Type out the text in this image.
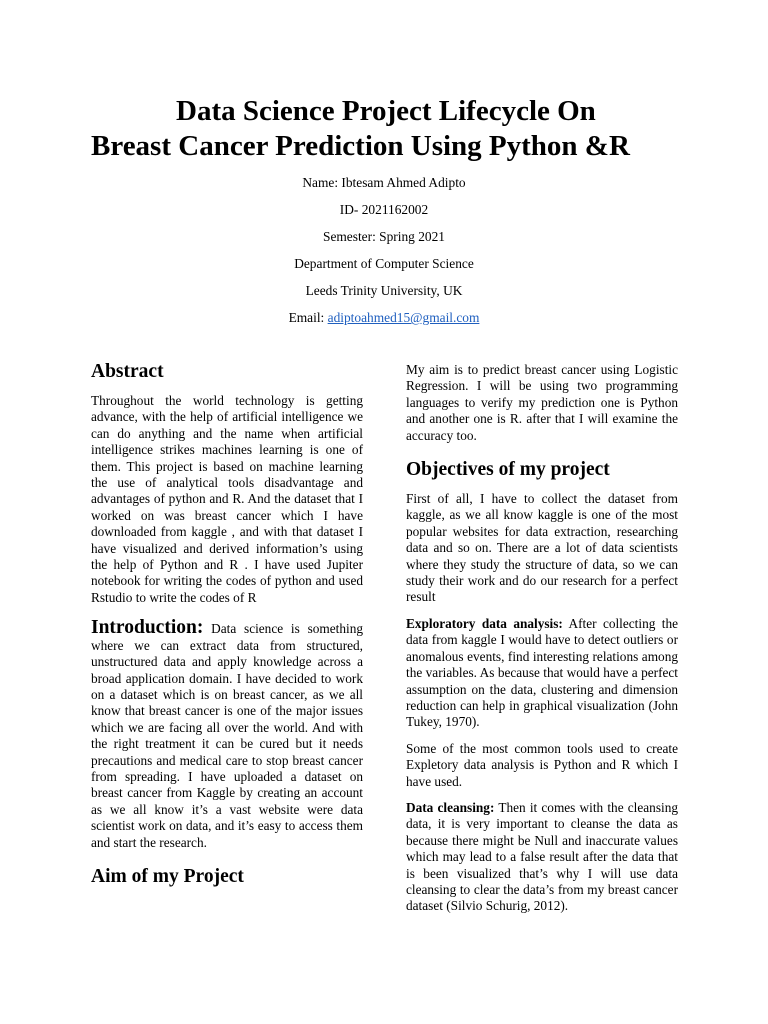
Data Science Project Lifecycle On
Breast Cancer Prediction Using Python &R
Name: Ibtesam Ahmed Adipto
ID- 2021162002
Semester: Spring 2021
Department of Computer Science
Leeds Trinity University, UK
Email: adiptoahmed15@gmail.com
Abstract

Throughout the world technology is getting advance, with the help of artificial intelligence we can do anything and the name when artificial intelligence strikes machines learning is one of them. This project is based on machine learning the use of analytical tools disadvantage and advantages of python and R. And the dataset that I worked on was breast cancer which I have downloaded from kaggle , and with that dataset I have visualized and derived information’s using the help of Python and R . I have used Jupiter notebook for writing the codes of python and used Rstudio to write the codes of R

Introduction: Data science is something where we can extract data from structured, unstructured data and apply knowledge across a broad application domain. I have decided to work on a dataset which is on breast cancer, as we all know that breast cancer is one of the major issues which we are facing all over the world. And with the right treatment it can be cured but it needs precautions and medical care to stop breast cancer from spreading. I have uploaded a dataset on breast cancer from Kaggle by creating an account as we all know it’s a vast website were data scientist work on data, and it’s easy to access them and start the research.

Aim of my Project

My aim is to predict breast cancer using Logistic Regression. I will be using two programming languages to verify my prediction one is Python and another one is R. after that I will examine the accuracy too.

Objectives of my project

First of all, I have to collect the dataset from kaggle, as we all know kaggle is one of the most popular websites for data extraction, researching data and so on. There are a lot of data scientists where they study the structure of data, so we can study their work and do our research for a perfect result

Exploratory data analysis: After collecting the data from kaggle I would have to detect outliers or anomalous events, find interesting relations among the variables. As because that would have a perfect assumption on the data, clustering and dimension reduction can help in graphical visualization (John Tukey, 1970).

Some of the most common tools used to create Expletory data analysis is Python and R which I have used.

Data cleansing: Then it comes with the cleansing data, it is very important to cleanse the data as because there might be Null and inaccurate values which may lead to a false result after the data that is been visualized that’s why I will use data cleansing to clear the data’s from my breast cancer dataset (Silvio Schurig, 2012).
